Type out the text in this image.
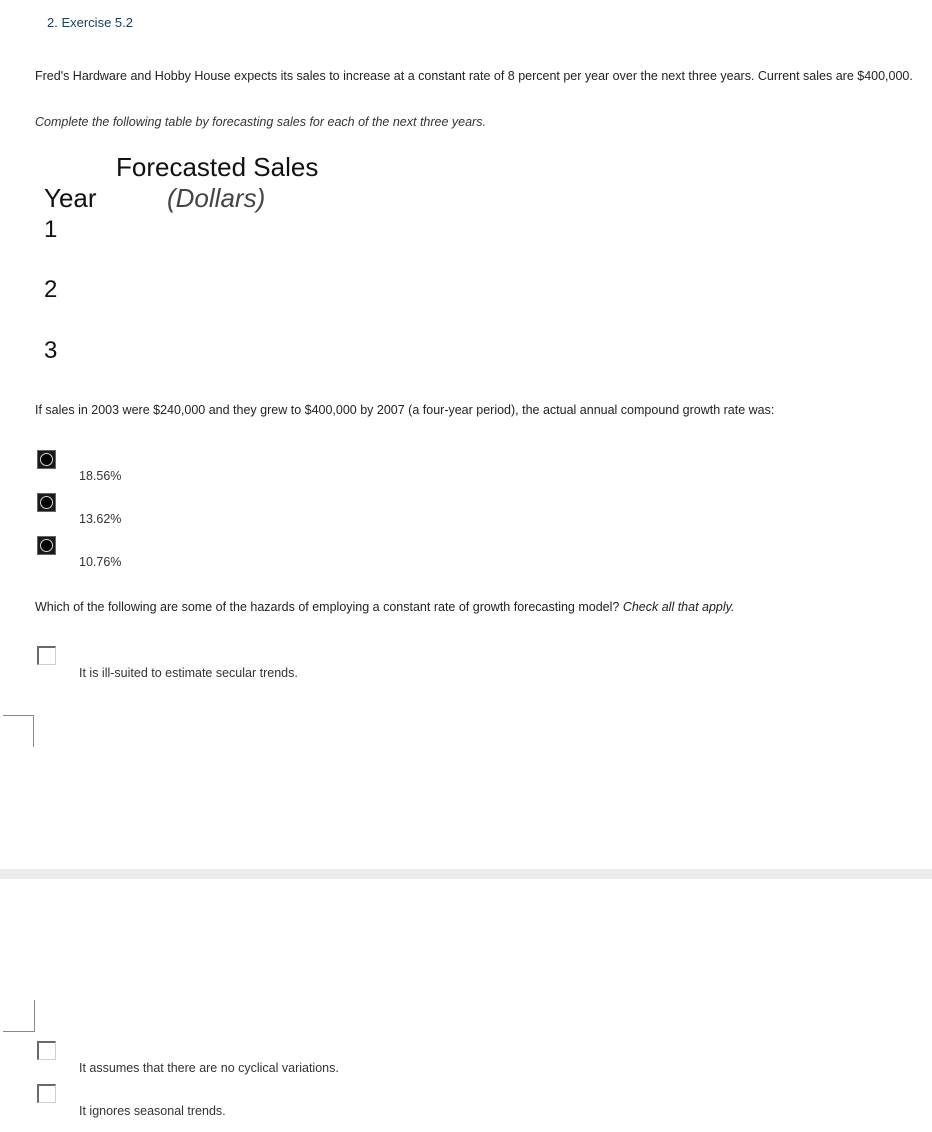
2. Exercise 5.2
Fred's Hardware and Hobby House expects its sales to increase at a constant rate of 8 percent per year over the next three years. Current sales are $400,000.
Complete the following table by forecasting sales for each of the next three years.
Forecasted Sales
(Dollars)
Year
1
2
3
If sales in 2003 were $240,000 and they grew to $400,000 by 2007 (a four-year period), the actual annual compound growth rate was:
18.56%
13.62%
10.76%
Which of the following are some of the hazards of employing a constant rate of growth forecasting model? Check all that apply.
It is ill-suited to estimate secular trends.
It assumes that there are no cyclical variations.
It ignores seasonal trends.
